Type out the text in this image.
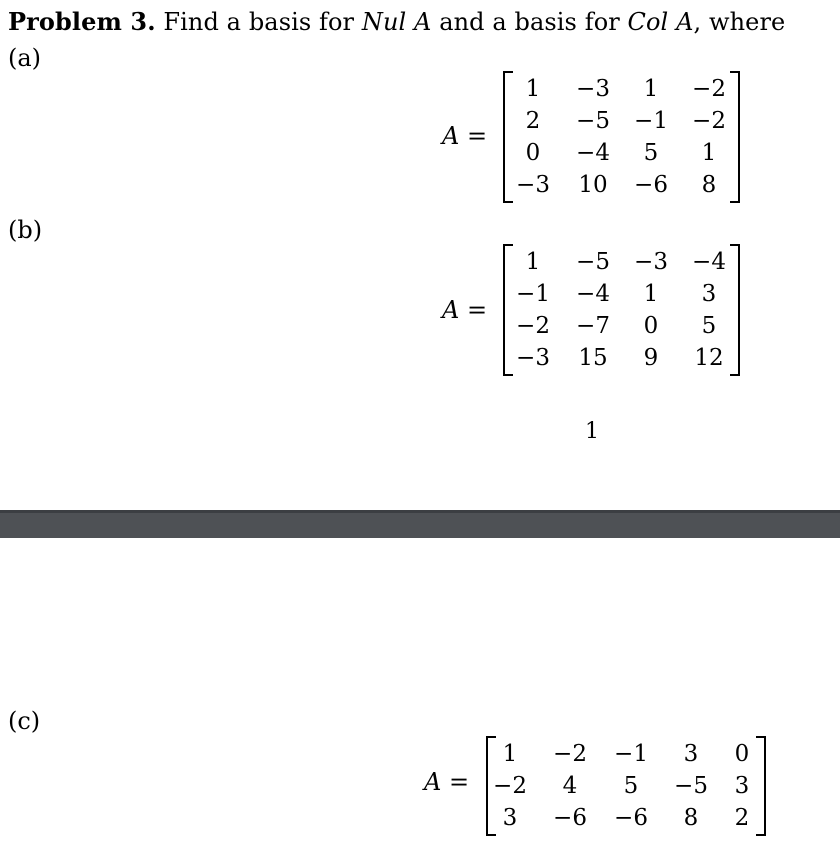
Problem 3. Find a basis for Nul A and a basis for Col A, where
(a)
A =
1	−3	1	−2
2	−5	−1	−2
0	−4	5	1
−3	10	−6	8
(b)
A =
1	−5	−3	−4
−1	−4	1	3
−2	−7	0	5
−3	15	9	12
1
(c)
A =
1	−2	−1	3	0
−2	4	5	−5	3
3	−6	−6	8	2
